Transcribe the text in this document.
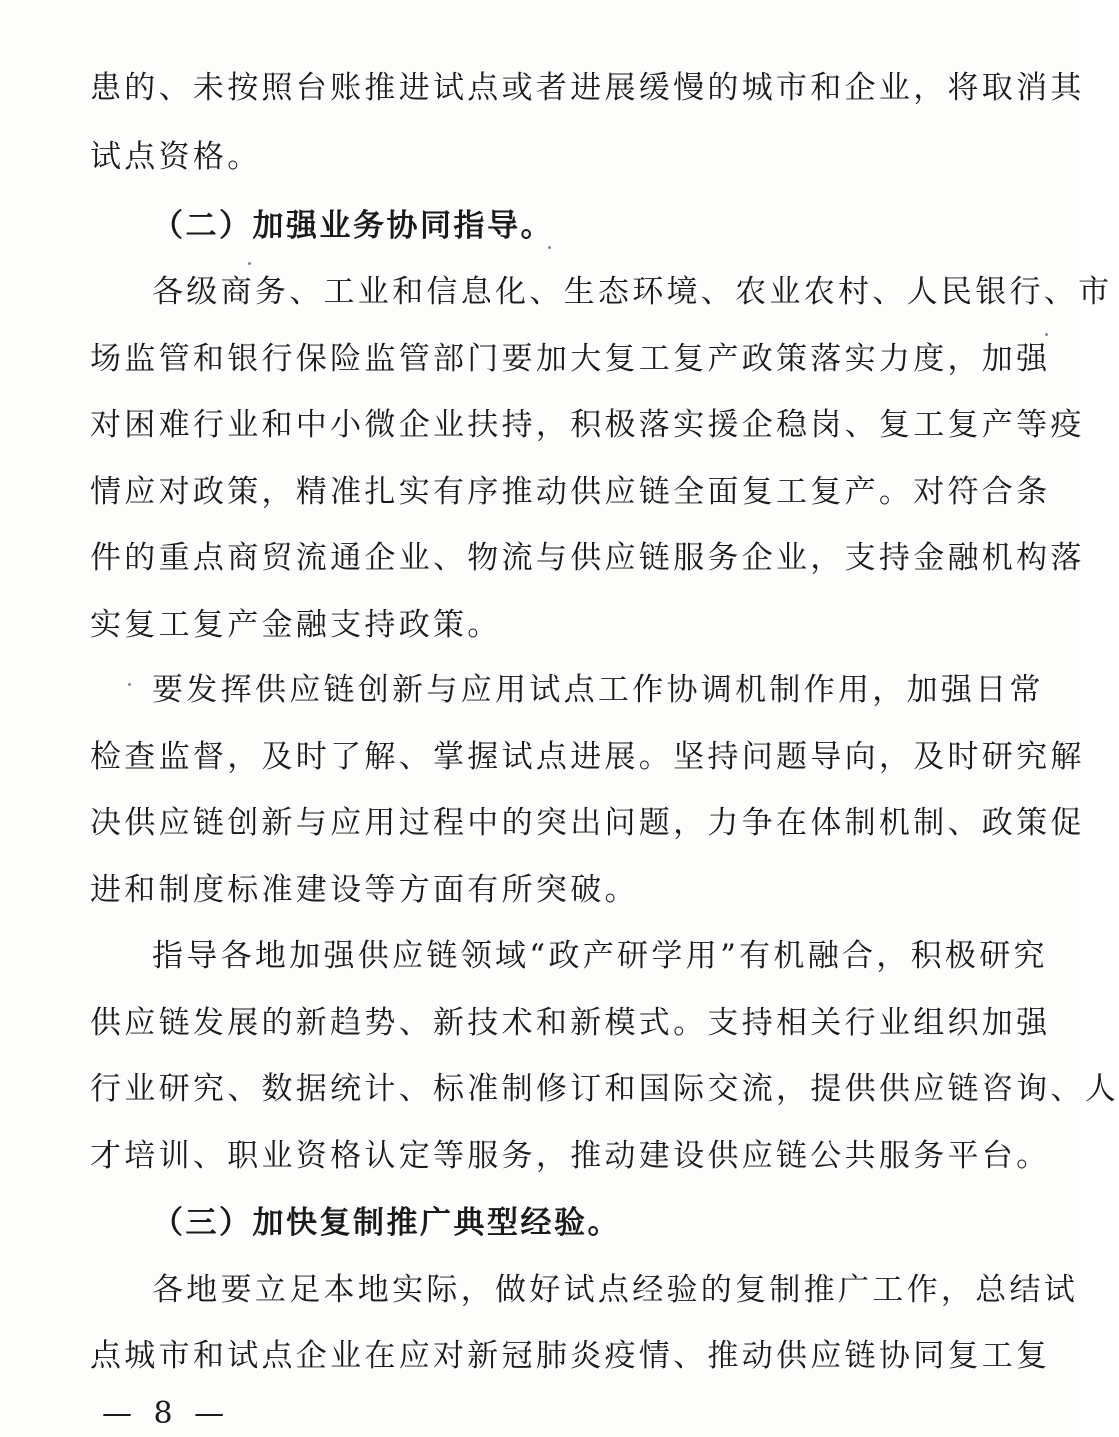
患的、未按照台账推进试点或者进展缓慢的城市和企业，将取消其
试点资格。
（二）加强业务协同指导。
各级商务、工业和信息化、生态环境、农业农村、人民银行、市
场监管和银行保险监管部门要加大复工复产政策落实力度，加强
对困难行业和中小微企业扶持，积极落实援企稳岗、复工复产等疫
情应对政策，精准扎实有序推动供应链全面复工复产。对符合条
件的重点商贸流通企业、物流与供应链服务企业，支持金融机构落
实复工复产金融支持政策。
要发挥供应链创新与应用试点工作协调机制作用，加强日常
检查监督，及时了解、掌握试点进展。坚持问题导向，及时研究解
决供应链创新与应用过程中的突出问题，力争在体制机制、政策促
进和制度标准建设等方面有所突破。
指导各地加强供应链领域“政产研学用”有机融合，积极研究
供应链发展的新趋势、新技术和新模式。支持相关行业组织加强
行业研究、数据统计、标准制修订和国际交流，提供供应链咨询、人
才培训、职业资格认定等服务，推动建设供应链公共服务平台。
（三）加快复制推广典型经验。
各地要立足本地实际，做好试点经验的复制推广工作，总结试
点城市和试点企业在应对新冠肺炎疫情、推动供应链协同复工复
— 8 —
